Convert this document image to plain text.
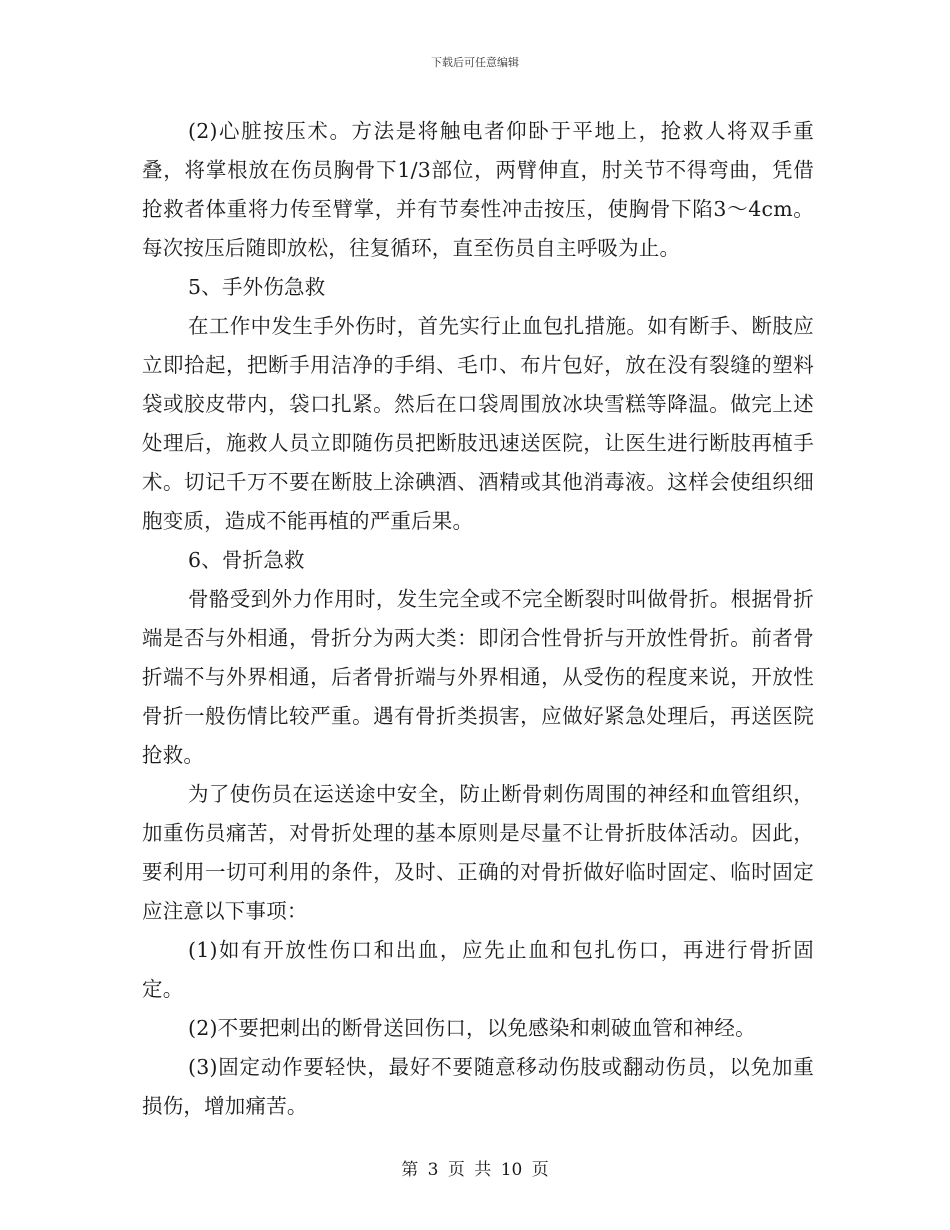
下载后可任意编辑

(2)心脏按压术。方法是将触电者仰卧于平地上，抢救人将双手重叠，将掌根放在伤员胸骨下1/3部位，两臂伸直，肘关节不得弯曲，凭借抢救者体重将力传至臂掌，并有节奏性冲击按压，使胸骨下陷3～4cm。每次按压后随即放松，往复循环，直至伤员自主呼吸为止。

5、手外伤急救

在工作中发生手外伤时，首先实行止血包扎措施。如有断手、断肢应立即拾起，把断手用洁净的手绢、毛巾、布片包好，放在没有裂缝的塑料袋或胶皮带内，袋口扎紧。然后在口袋周围放冰块雪糕等降温。做完上述处理后，施救人员立即随伤员把断肢迅速送医院，让医生进行断肢再植手术。切记千万不要在断肢上涂碘酒、酒精或其他消毒液。这样会使组织细胞变质，造成不能再植的严重后果。

6、骨折急救

骨骼受到外力作用时，发生完全或不完全断裂时叫做骨折。根据骨折端是否与外相通，骨折分为两大类：即闭合性骨折与开放性骨折。前者骨折端不与外界相通，后者骨折端与外界相通，从受伤的程度来说，开放性骨折一般伤情比较严重。遇有骨折类损害，应做好紧急处理后，再送医院抢救。

为了使伤员在运送途中安全，防止断骨刺伤周围的神经和血管组织，加重伤员痛苦，对骨折处理的基本原则是尽量不让骨折肢体活动。因此，要利用一切可利用的条件，及时、正确的对骨折做好临时固定、临时固定应注意以下事项：

(1)如有开放性伤口和出血，应先止血和包扎伤口，再进行骨折固定。

(2)不要把刺出的断骨送回伤口，以免感染和刺破血管和神经。

(3)固定动作要轻快，最好不要随意移动伤肢或翻动伤员，以免加重损伤，增加痛苦。

第 3 页 共 10 页
